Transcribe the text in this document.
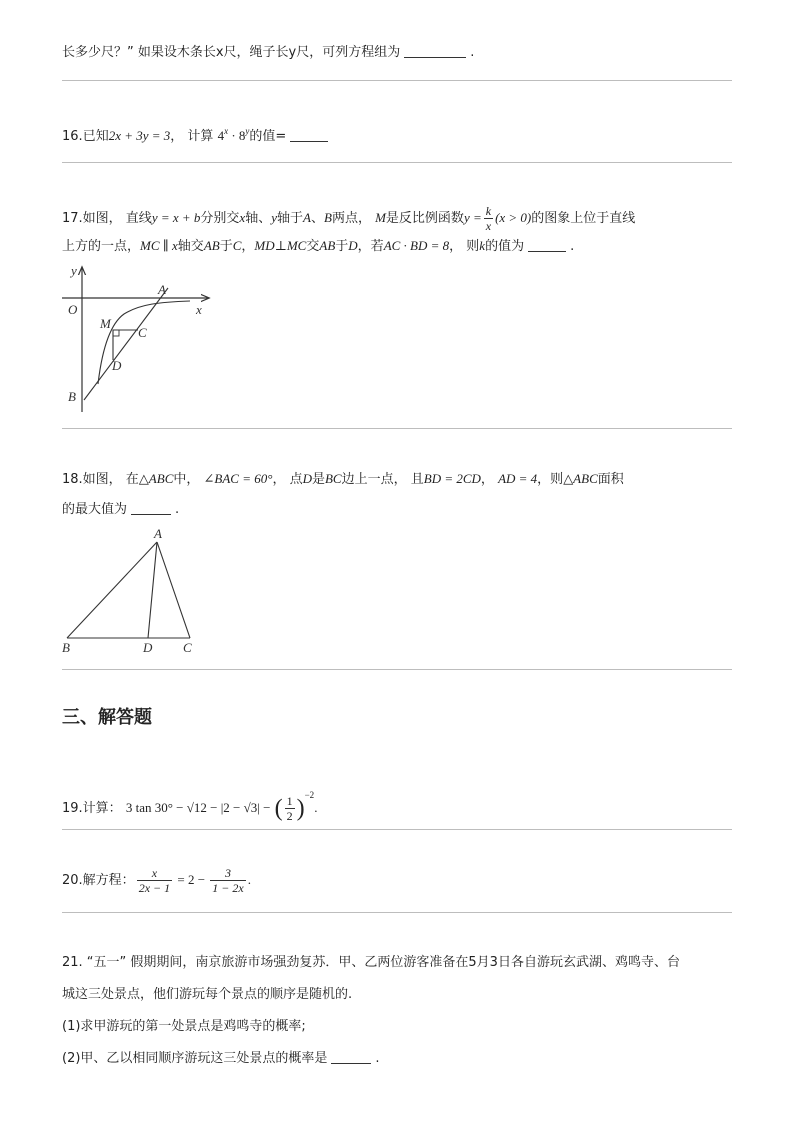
长多少尺？” 如果设木条长x尺，绳子长y尺，可列方程组为	.
16.已知2x + 3y = 3， 计算 $4^x \cdot 8^y$的值=
17.如图， 直线y = x + b分别交x轴、y轴于A、B两点， M是反比例函数$y = \frac{k}{x} (x > 0)$的图象上位于直线
上方的一点，MC ∥ x轴交AB于C，MD⊥MC交AB于D，若AC · BD = 8， 则k的值为	.
y
O
A
x
M
C
D
B
18.如图， 在△ABC中， ∠BAC = 60°， 点D是BC边上一点， 且BD = 2CD， AD = 4，则△ABC面积
的最大值为	.
A
B	D C
三、解答题
19.计算： 3 tan 30° − √12 − |2 − √3| − ( $\frac{1}{2} )^{-2}$.
20.解方程： $\frac{x}{2x - 1} = 2 - \frac{3}{1 - 2x}$ .
21. “五一” 假期期间，南京旅游市场强劲复苏．甲、乙两位游客准备在5月3日各自游玩玄武湖、鸡鸣寺、台
城这三处景点，他们游玩每个景点的顺序是随机的.
(1)求甲游玩的第一处景点是鸡鸣寺的概率;
(2)甲、乙以相同顺序游玩这三处景点的概率是	.
